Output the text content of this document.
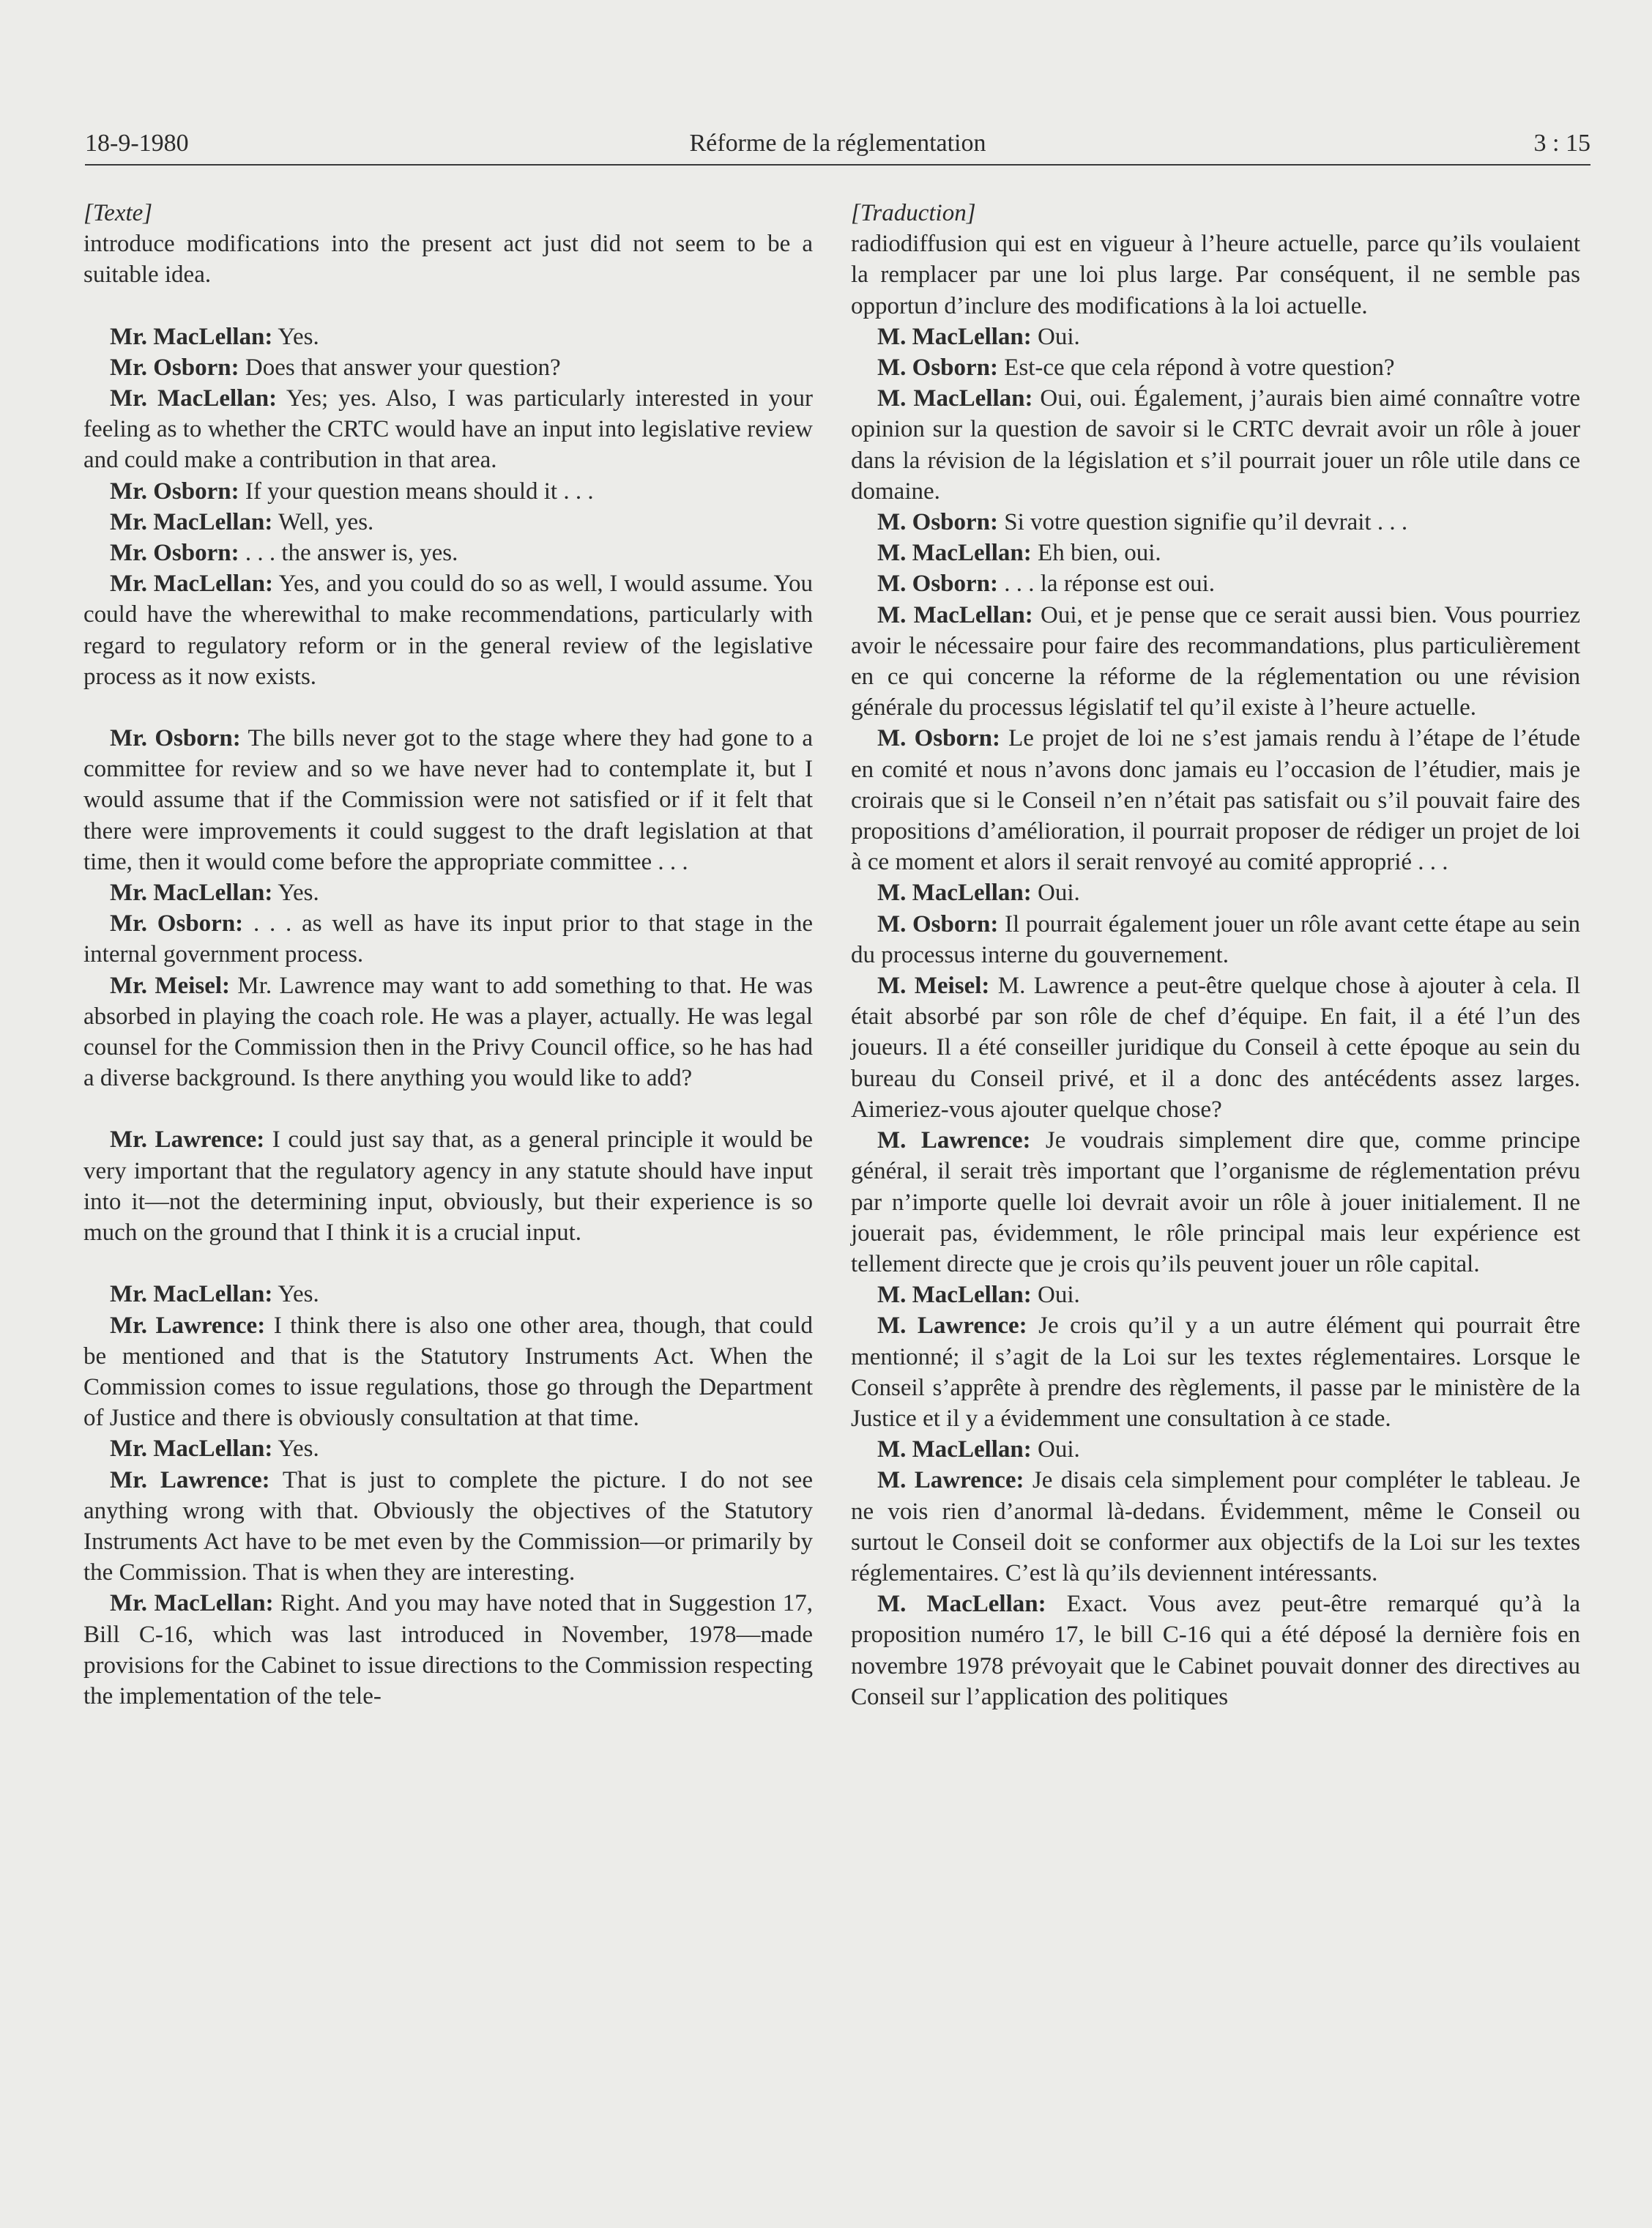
18-9-1980	Réforme de la réglementation	3 : 15

[Texte]

introduce modifications into the present act just did not seem to be a suitable idea.

Mr. MacLellan: Yes.

Mr. Osborn: Does that answer your question?

Mr. MacLellan: Yes; yes. Also, I was particularly interested in your feeling as to whether the CRTC would have an input into legislative review and could make a contribution in that area.

Mr. Osborn: If your question means should it . . .

Mr. MacLellan: Well, yes.

Mr. Osborn: . . . the answer is, yes.

Mr. MacLellan: Yes, and you could do so as well, I would assume. You could have the wherewithal to make recommendations, particularly with regard to regulatory reform or in the general review of the legislative process as it now exists.

Mr. Osborn: The bills never got to the stage where they had gone to a committee for review and so we have never had to contemplate it, but I would assume that if the Commission were not satisfied or if it felt that there were improvements it could suggest to the draft legislation at that time, then it would come before the appropriate committee . . .

Mr. MacLellan: Yes.

Mr. Osborn: . . . as well as have its input prior to that stage in the internal government process.

Mr. Meisel: Mr. Lawrence may want to add something to that. He was absorbed in playing the coach role. He was a player, actually. He was legal counsel for the Commission then in the Privy Council office, so he has had a diverse background. Is there anything you would like to add?

Mr. Lawrence: I could just say that, as a general principle it would be very important that the regulatory agency in any statute should have input into it—not the determining input, obviously, but their experience is so much on the ground that I think it is a crucial input.

Mr. MacLellan: Yes.

Mr. Lawrence: I think there is also one other area, though, that could be mentioned and that is the Statutory Instruments Act. When the Commission comes to issue regulations, those go through the Department of Justice and there is obviously consultation at that time.

Mr. MacLellan: Yes.

Mr. Lawrence: That is just to complete the picture. I do not see anything wrong with that. Obviously the objectives of the Statutory Instruments Act have to be met even by the Commission—or primarily by the Commission. That is when they are interesting.

Mr. MacLellan: Right. And you may have noted that in Suggestion 17, Bill C-16, which was last introduced in November, 1978—made provisions for the Cabinet to issue directions to the Commission respecting the implementation of the tele-

[Traduction]

radiodiffusion qui est en vigueur à l’heure actuelle, parce qu’ils voulaient la remplacer par une loi plus large. Par conséquent, il ne semble pas opportun d’inclure des modifications à la loi actuelle.

M. MacLellan: Oui.

M. Osborn: Est-ce que cela répond à votre question?

M. MacLellan: Oui, oui. Également, j’aurais bien aimé connaître votre opinion sur la question de savoir si le CRTC devrait avoir un rôle à jouer dans la révision de la législation et s’il pourrait jouer un rôle utile dans ce domaine.

M. Osborn: Si votre question signifie qu’il devrait . . .

M. MacLellan: Eh bien, oui.

M. Osborn: . . . la réponse est oui.

M. MacLellan: Oui, et je pense que ce serait aussi bien. Vous pourriez avoir le nécessaire pour faire des recommandations, plus particulièrement en ce qui concerne la réforme de la réglementation ou une révision générale du processus législatif tel qu’il existe à l’heure actuelle.

M. Osborn: Le projet de loi ne s’est jamais rendu à l’étape de l’étude en comité et nous n’avons donc jamais eu l’occasion de l’étudier, mais je croirais que si le Conseil n’en n’était pas satisfait ou s’il pouvait faire des propositions d’amélioration, il pourrait proposer de rédiger un projet de loi à ce moment et alors il serait renvoyé au comité approprié . . .

M. MacLellan: Oui.

M. Osborn: Il pourrait également jouer un rôle avant cette étape au sein du processus interne du gouvernement.

M. Meisel: M. Lawrence a peut-être quelque chose à ajouter à cela. Il était absorbé par son rôle de chef d’équipe. En fait, il a été l’un des joueurs. Il a été conseiller juridique du Conseil à cette époque au sein du bureau du Conseil privé, et il a donc des antécédents assez larges. Aimeriez-vous ajouter quelque chose?

M. Lawrence: Je voudrais simplement dire que, comme principe général, il serait très important que l’organisme de réglementation prévu par n’importe quelle loi devrait avoir un rôle à jouer initialement. Il ne jouerait pas, évidemment, le rôle principal mais leur expérience est tellement directe que je crois qu’ils peuvent jouer un rôle capital.

M. MacLellan: Oui.

M. Lawrence: Je crois qu’il y a un autre élément qui pourrait être mentionné; il s’agit de la Loi sur les textes réglementaires. Lorsque le Conseil s’apprête à prendre des règlements, il passe par le ministère de la Justice et il y a évidemment une consultation à ce stade.

M. MacLellan: Oui.

M. Lawrence: Je disais cela simplement pour compléter le tableau. Je ne vois rien d’anormal là-dedans. Évidemment, même le Conseil ou surtout le Conseil doit se conformer aux objectifs de la Loi sur les textes réglementaires. C’est là qu’ils deviennent intéressants.

M. MacLellan: Exact. Vous avez peut-être remarqué qu’à la proposition numéro 17, le bill C-16 qui a été déposé la dernière fois en novembre 1978 prévoyait que le Cabinet pouvait donner des directives au Conseil sur l’application des politiques
